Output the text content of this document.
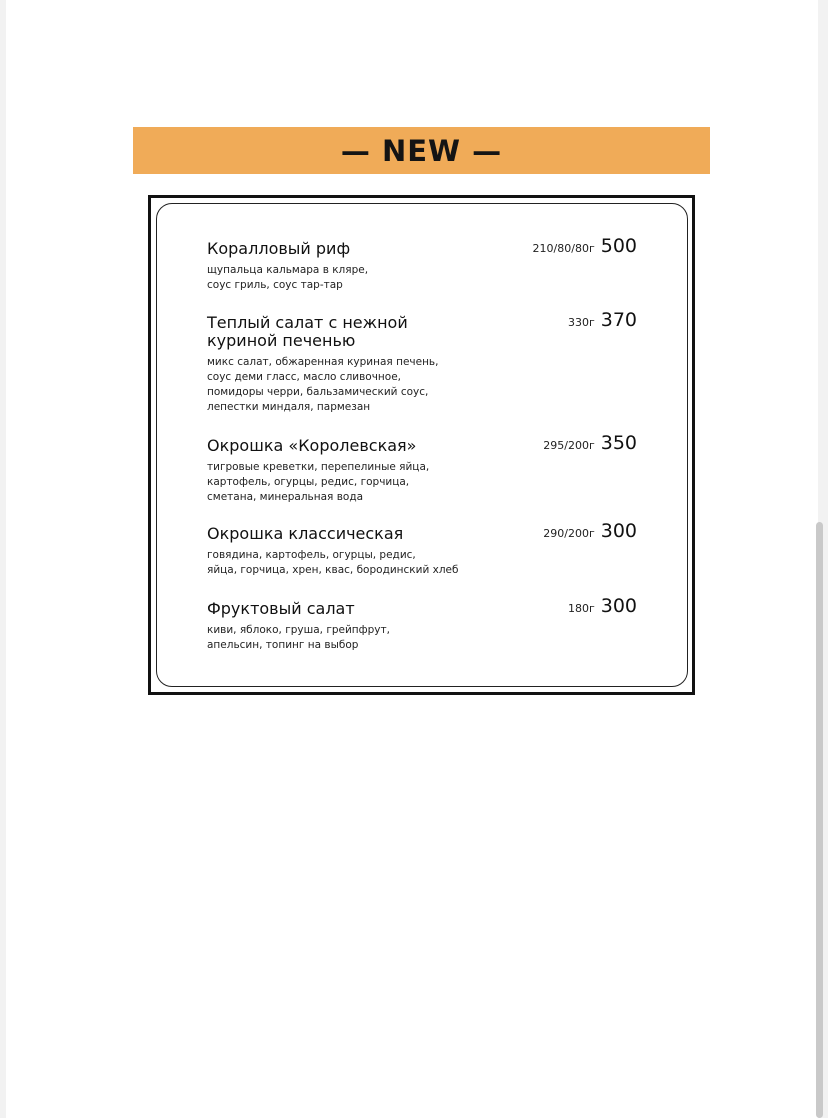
— NEW —
Коралловый риф
щупальца кальмара в кляре,
соус гриль, соус тар-тар
210/80/80г 500
Теплый салат с нежной куриной печенью
микс салат, обжаренная куриная печень,
соус деми гласс, масло сливочное,
помидоры черри, бальзамический соус,
лепестки миндаля, пармезан
330г 370
Окрошка «Королевская»
тигровые креветки, перепелиные яйца,
картофель, огурцы, редис, горчица,
сметана, минеральная вода
295/200г 350
Окрошка классическая
говядина, картофель, огурцы, редис,
яйца, горчица, хрен, квас, бородинский хлеб
290/200г 300
Фруктовый салат
киви, яблоко, груша, грейпфрут,
апельсин, топинг на выбор
180г 300
